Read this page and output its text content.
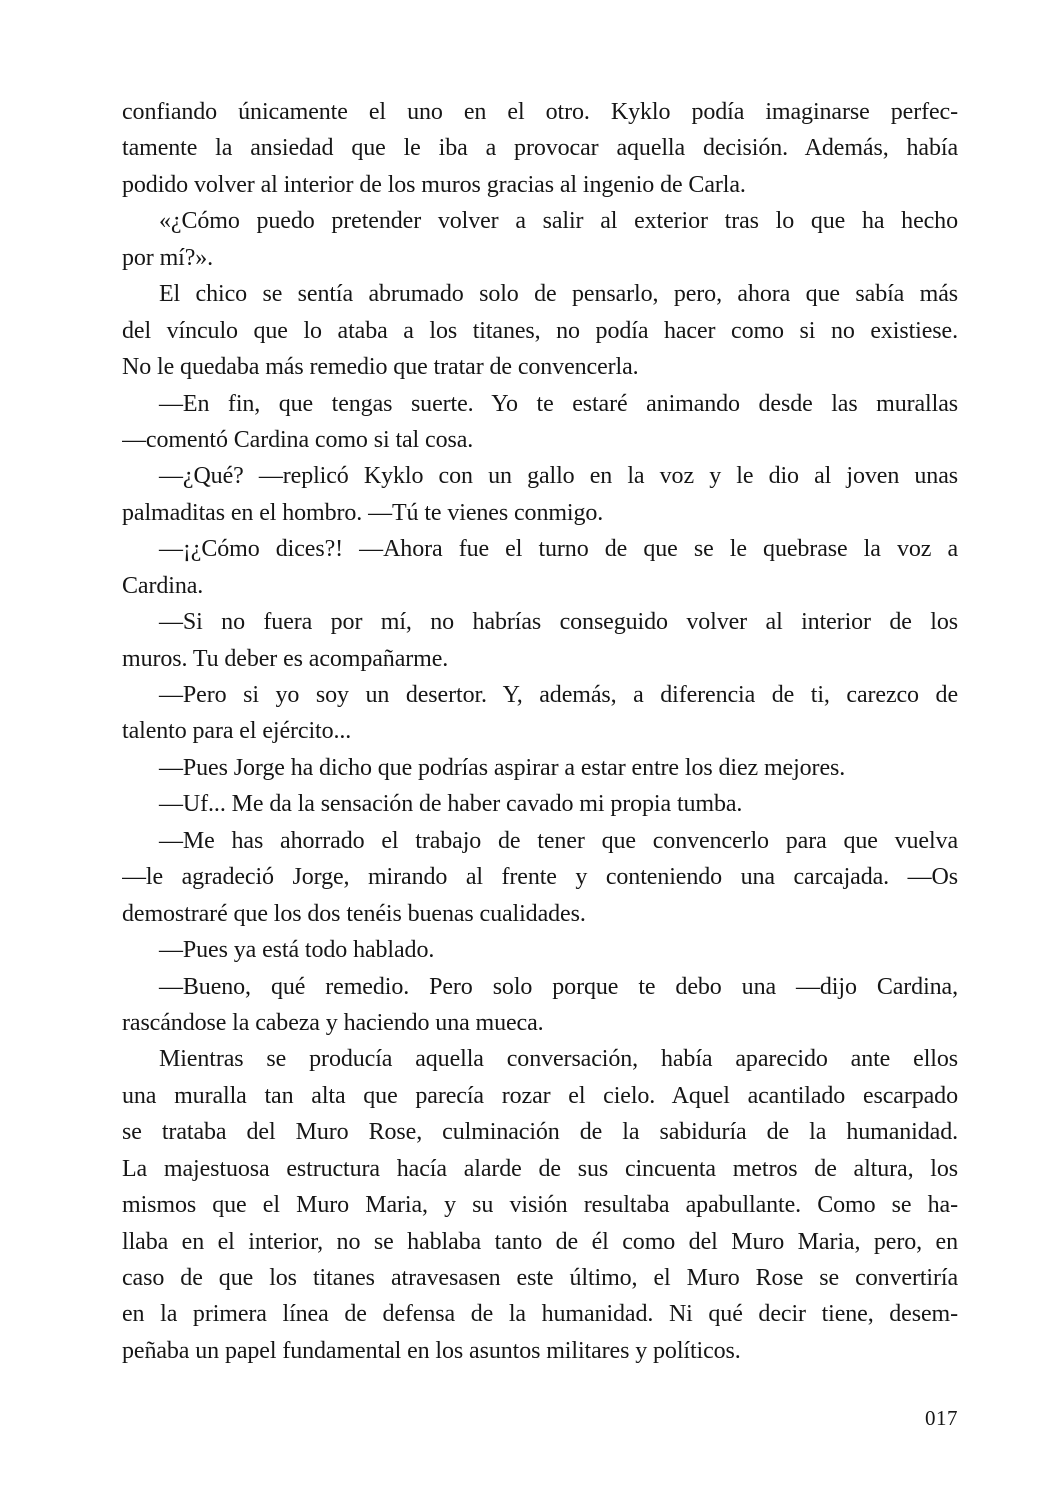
confiando únicamente el uno en el otro. Kyklo podía imaginarse perfec-
tamente la ansiedad que le iba a provocar aquella decisión. Además, había
podido volver al interior de los muros gracias al ingenio de Carla.
«¿Cómo puedo pretender volver a salir al exterior tras lo que ha hecho
por mí?».
El chico se sentía abrumado solo de pensarlo, pero, ahora que sabía más
del vínculo que lo ataba a los titanes, no podía hacer como si no existiese.
No le quedaba más remedio que tratar de convencerla.
—En fin, que tengas suerte. Yo te estaré animando desde las murallas
—comentó Cardina como si tal cosa.
—¿Qué? —replicó Kyklo con un gallo en la voz y le dio al joven unas
palmaditas en el hombro. —Tú te vienes conmigo.
—¡¿Cómo dices?! —Ahora fue el turno de que se le quebrase la voz a
Cardina.
—Si no fuera por mí, no habrías conseguido volver al interior de los
muros. Tu deber es acompañarme.
—Pero si yo soy un desertor. Y, además, a diferencia de ti, carezco de
talento para el ejército...
—Pues Jorge ha dicho que podrías aspirar a estar entre los diez mejores.
—Uf... Me da la sensación de haber cavado mi propia tumba.
—Me has ahorrado el trabajo de tener que convencerlo para que vuelva
—le agradeció Jorge, mirando al frente y conteniendo una carcajada. —Os
demostraré que los dos tenéis buenas cualidades.
—Pues ya está todo hablado.
—Bueno, qué remedio. Pero solo porque te debo una —dijo Cardina,
rascándose la cabeza y haciendo una mueca.
Mientras se producía aquella conversación, había aparecido ante ellos
una muralla tan alta que parecía rozar el cielo. Aquel acantilado escarpado
se trataba del Muro Rose, culminación de la sabiduría de la humanidad.
La majestuosa estructura hacía alarde de sus cincuenta metros de altura, los
mismos que el Muro Maria, y su visión resultaba apabullante. Como se ha-
llaba en el interior, no se hablaba tanto de él como del Muro Maria, pero, en
caso de que los titanes atravesasen este último, el Muro Rose se convertiría
en la primera línea de defensa de la humanidad. Ni qué decir tiene, desem-
peñaba un papel fundamental en los asuntos militares y políticos.
017
